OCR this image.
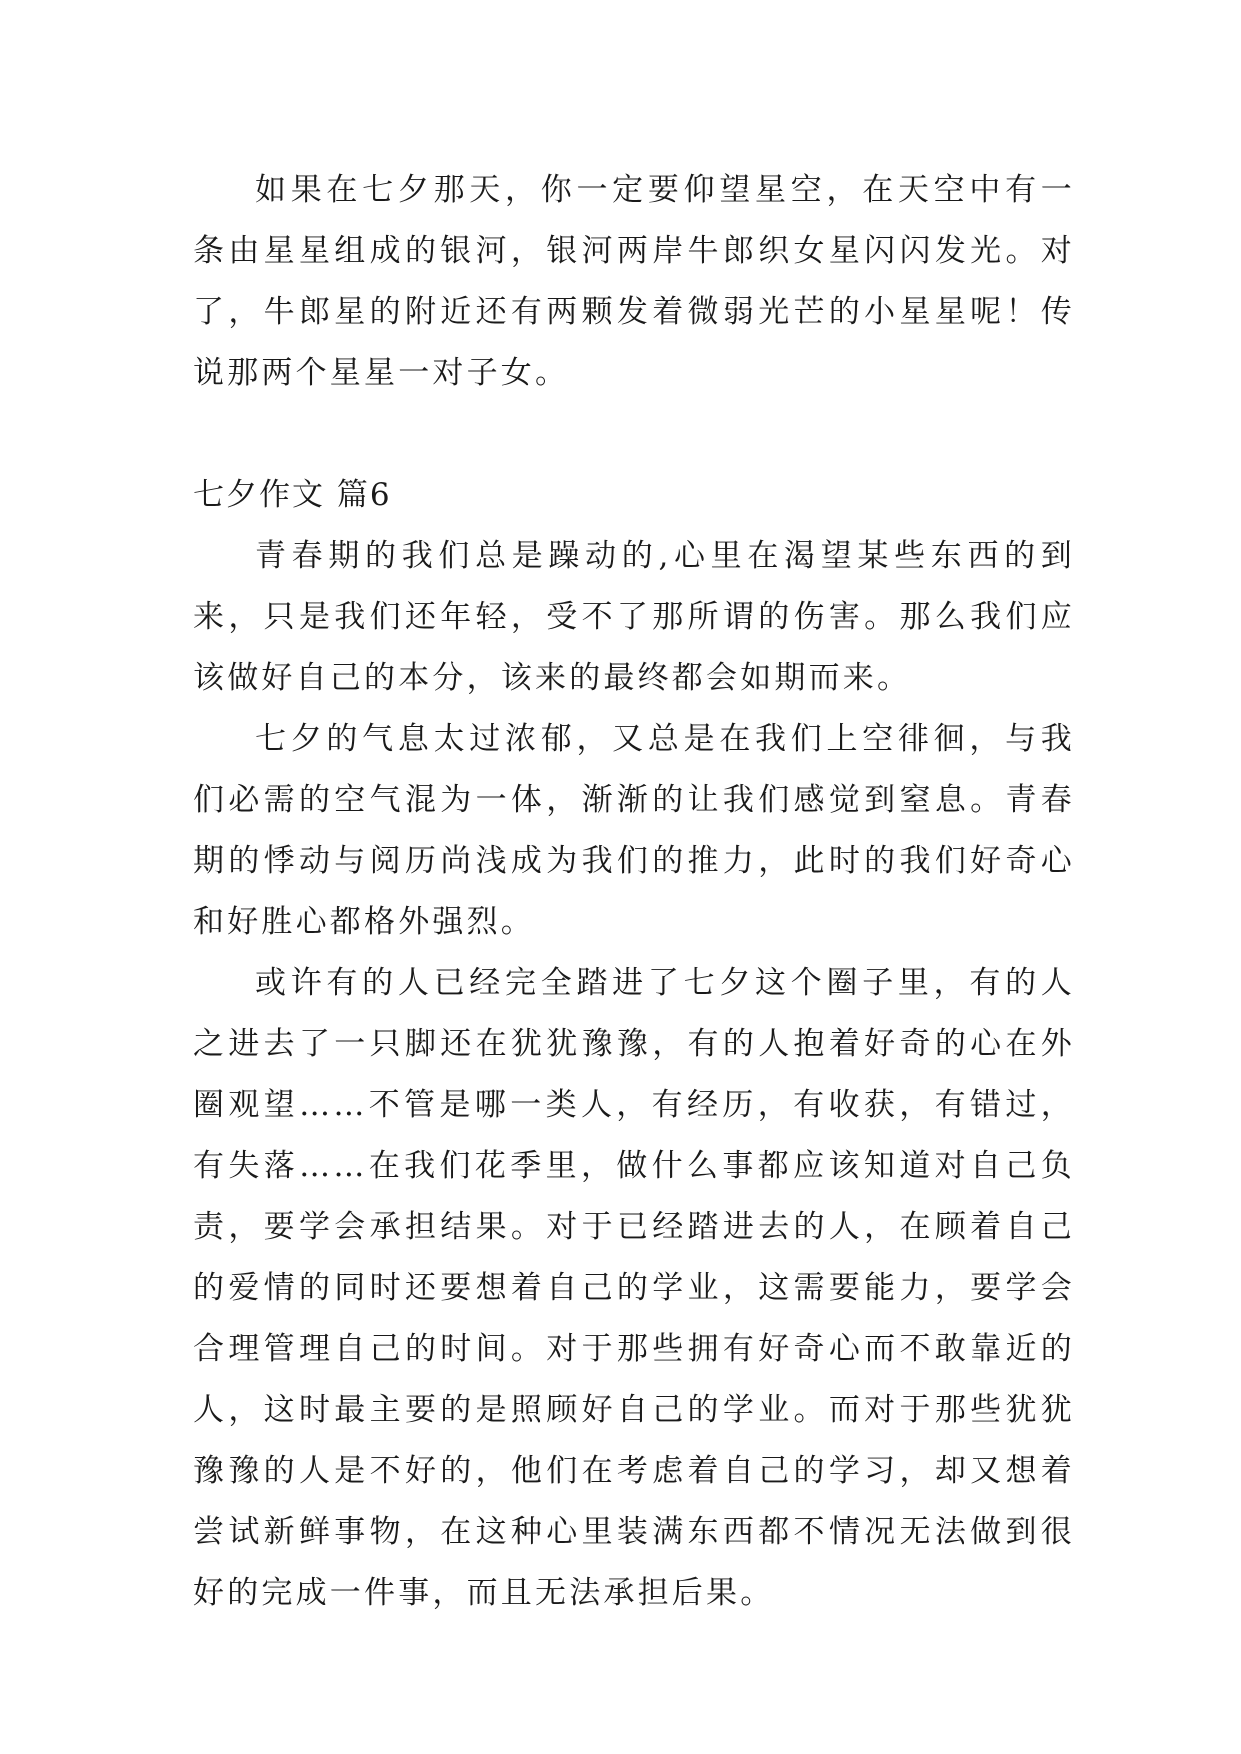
如果在七夕那天，你一定要仰望星空，在天空中有一条由星星组成的银河，银河两岸牛郎织女星闪闪发光。对了，牛郎星的附近还有两颗发着微弱光芒的小星星呢！传说那两个星星一对子女。

七夕作文 篇6

青春期的我们总是躁动的,心里在渴望某些东西的到来，只是我们还年轻，受不了那所谓的伤害。那么我们应该做好自己的本分，该来的最终都会如期而来。

七夕的气息太过浓郁，又总是在我们上空徘徊，与我们必需的空气混为一体，渐渐的让我们感觉到窒息。青春期的悸动与阅历尚浅成为我们的推力，此时的我们好奇心和好胜心都格外强烈。

或许有的人已经完全踏进了七夕这个圈子里，有的人之进去了一只脚还在犹犹豫豫，有的人抱着好奇的心在外圈观望……不管是哪一类人，有经历，有收获，有错过，有失落……在我们花季里，做什么事都应该知道对自己负责，要学会承担结果。对于已经踏进去的人，在顾着自己的爱情的同时还要想着自己的学业，这需要能力，要学会合理管理自己的时间。对于那些拥有好奇心而不敢靠近的人，这时最主要的是照顾好自己的学业。而对于那些犹犹豫豫的人是不好的，他们在考虑着自己的学习，却又想着尝试新鲜事物，在这种心里装满东西都不情况无法做到很好的完成一件事，而且无法承担后果。
